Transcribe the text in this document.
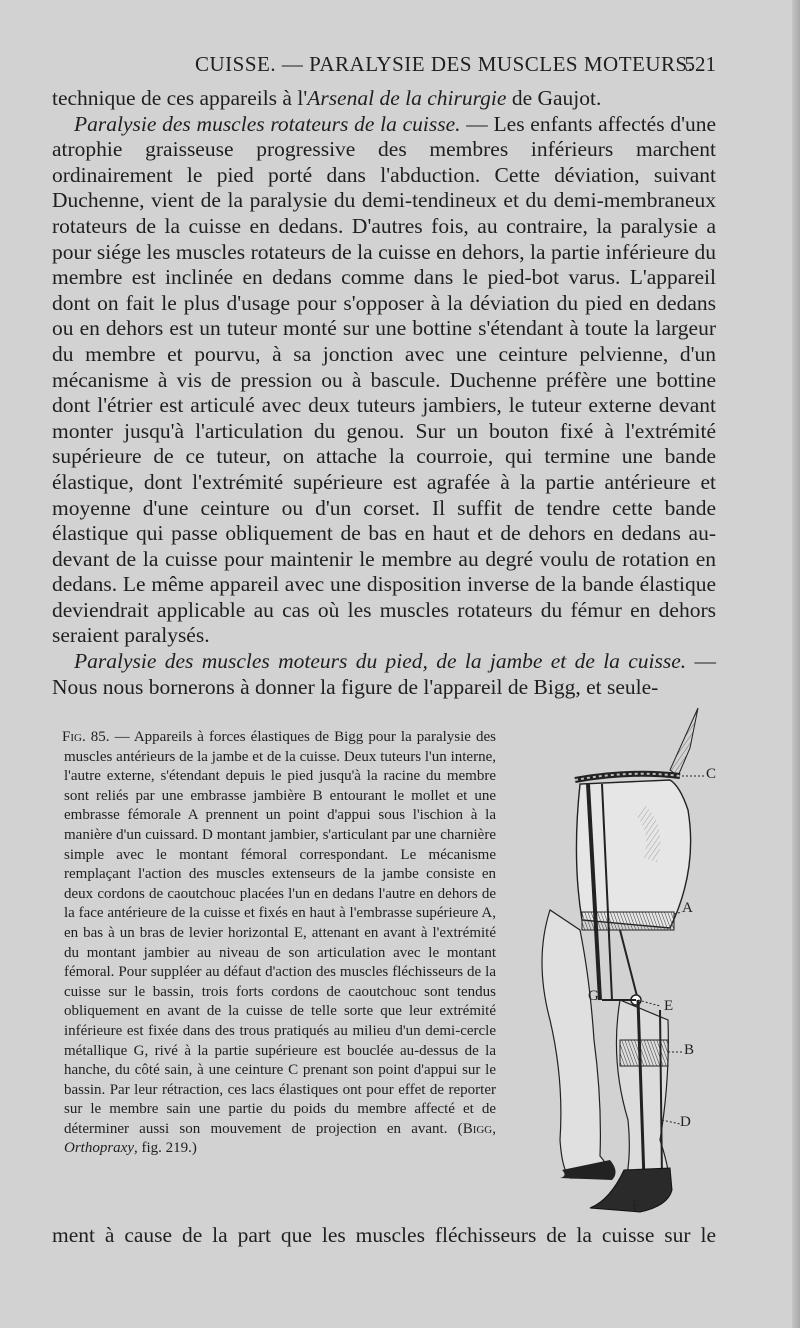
CUISSE. — PARALYSIE DES MUSCLES MOTEURS.
521

technique de ces appareils à l'Arsenal de la chirurgie de Gaujot.

Paralysie des muscles rotateurs de la cuisse. — Les enfants affectés d'une atrophie graisseuse progressive des membres inférieurs marchent ordinairement le pied porté dans l'abduction. Cette déviation, suivant Duchenne, vient de la paralysie du demi-tendineux et du demi-membraneux rotateurs de la cuisse en dedans. D'autres fois, au contraire, la paralysie a pour siége les muscles rotateurs de la cuisse en dehors, la partie inférieure du membre est inclinée en dedans comme dans le pied-bot varus. L'appareil dont on fait le plus d'usage pour s'opposer à la déviation du pied en dedans ou en dehors est un tuteur monté sur une bottine s'étendant à toute la largeur du membre et pourvu, à sa jonction avec une ceinture pelvienne, d'un mécanisme à vis de pression ou à bascule. Duchenne préfère une bottine dont l'étrier est articulé avec deux tuteurs jambiers, le tuteur externe devant monter jusqu'à l'articulation du genou. Sur un bouton fixé à l'extrémité supérieure de ce tuteur, on attache la courroie, qui termine une bande élastique, dont l'extrémité supérieure est agrafée à la partie antérieure et moyenne d'une ceinture ou d'un corset. Il suffit de tendre cette bande élastique qui passe obliquement de bas en haut et de dehors en dedans au-devant de la cuisse pour maintenir le membre au degré voulu de rotation en dedans. Le même appareil avec une disposition inverse de la bande élastique deviendrait applicable au cas où les muscles rotateurs du fémur en dehors seraient paralysés.

Paralysie des muscles moteurs du pied, de la jambe et de la cuisse. — Nous nous bornerons à donner la figure de l'appareil de Bigg, et seule-

Fig. 85. — Appareils à forces élastiques de Bigg pour la paralysie des muscles antérieurs de la jambe et de la cuisse. Deux tuteurs l'un interne, l'autre externe, s'étendant depuis le pied jusqu'à la racine du membre sont reliés par une embrasse jambière B entourant le mollet et une embrasse fémorale A prennent un point d'appui sous l'ischion à la manière d'un cuissard. D montant jambier, s'articulant par une charnière simple avec le montant fémoral correspondant. Le mécanisme remplaçant l'action des muscles extenseurs de la jambe consiste en deux cordons de caoutchouc placées l'un en dedans l'autre en dehors de la face antérieure de la cuisse et fixés en haut à l'embrasse supérieure A, en bas à un bras de levier horizontal E, attenant en avant à l'extrémité du montant jambier au niveau de son articulation avec le montant fémoral. Pour suppléer au défaut d'action des muscles fléchisseurs de la cuisse sur le bassin, trois forts cordons de caoutchouc sont tendus obliquement en avant de la cuisse de telle sorte que leur extrémité inférieure est fixée dans des trous pratiqués au milieu d'un demi-cercle métallique G, rivé à la partie supérieure est bouclée au-dessus de la hanche, du côté sain, à une ceinture C prenant son point d'appui sur le bassin. Par leur rétraction, ces lacs élastiques ont pour effet de reporter sur le membre sain une partie du poids du membre affecté et de déterminer aussi son mouvement de projection en avant. (Bigg, Orthopraxy, fig. 219.)

C
A
G
E
B
D
F
ment à cause de la part que les muscles fléchisseurs de la cuisse sur le
